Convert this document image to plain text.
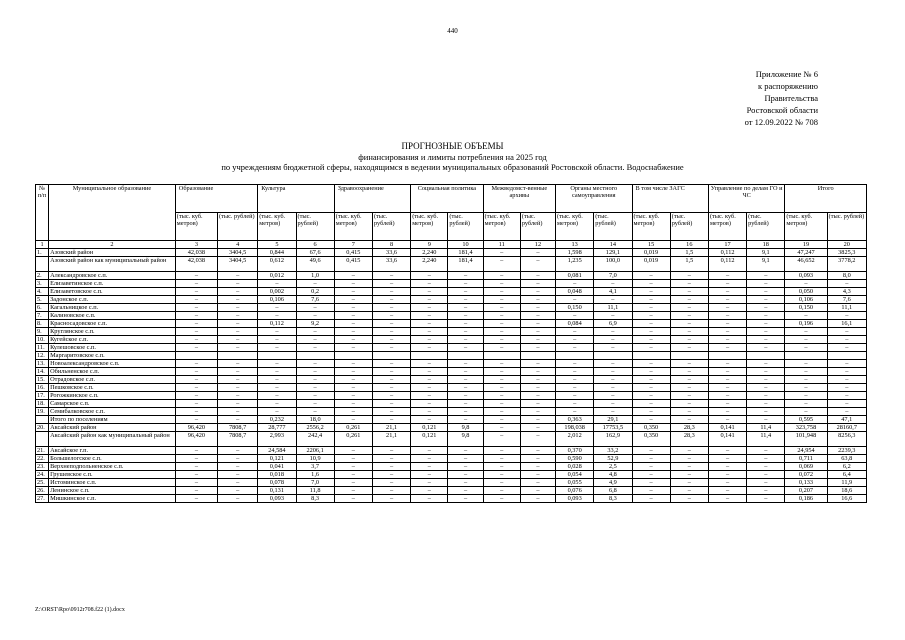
440
Приложение № 6
к распоряжению
Правительства
Ростовской области
от 12.09.2022 № 708
ПРОГНОЗНЫЕ ОБЪЕМЫ
финансирования и лимиты потребления на 2025 год
по учреждениям бюджетной сферы, находящимся в ведении муниципальных образований Ростовской области. Водоснабжение
№ п/п	Муниципальное образование	Образование		Культура		Здравоохранение		Социальная политика		Межведомст-венные архивы		Органы местного самоуправления		В том числе ЗАГС		Управление по делам ГО и ЧС		Итого	
		(тыс. куб. метров)	(тыс. рублей)	(тыс. куб. метров)	(тыс. рублей)	(тыс. куб. метров)	(тыс. рублей)	(тыс. куб. метров)	(тыс. рублей)	(тыс. куб. метров)	(тыс. рублей)	(тыс. куб. метров)	(тыс. рублей)	(тыс. куб. метров)	(тыс. рублей)	(тыс. куб. метров)	(тыс. рублей)	(тыс. куб. метров)	(тыс. рублей)
1	2	3	4	5	6	7	8	9	10	11	12	13	14	15	16	17	18	19	20
1.	Азовский район	42,038	3404,5	0,844	67,6	0,415	33,6	2,240	181,4	–	–	1,598	129,1	0,019	1,5	0,112	9,1	47,247	3825,3
	Азовский район как муниципальный район	42,038	3404,5	0,612	49,6	0,415	33,6	2,240	181,4	–	–	1,235	100,0	0,019	1,5	0,112	9,1	46,652	3778,2
2.	Александровское с.п.	–	–	0,012	1,0	–	–	–	–	–	–	0,081	7,0	–	–	–	–	0,093	8,0
3.	Елизаветинское с.п.	–	–	–	–	–	–	–	–	–	–	–	–	–	–	–	–	–	–
4.	Елизаветовское с.п.	–	–	0,002	0,2	–	–	–	–	–	–	0,048	4,1	–	–	–	–	0,050	4,3
5.	Задонское с.п.	–	–	0,106	7,6	–	–	–	–	–	–	–	–	–	–	–	–	0,106	7,6
6.	Кагальницкое с.п.	–	–	–	–	–	–	–	–	–	–	0,150	11,1	–	–	–	–	0,150	11,1
7.	Калиновское с.п.	–	–	–	–	–	–	–	–	–	–	–	–	–	–	–	–	–	–
8.	Красносадовское с.п.	–	–	0,112	9,2	–	–	–	–	–	–	0,084	6,9	–	–	–	–	0,196	16,1
9.	Круглянское с.п.	–	–	–	–	–	–	–	–	–	–	–	–	–	–	–	–	–	–
10.	Кугейское с.п.	–	–	–	–	–	–	–	–	–	–	–	–	–	–	–	–	–	–
11.	Кулешовское с.п.	–	–	–	–	–	–	–	–	–	–	–	–	–	–	–	–	–	–
12.	Маргаритовское с.п.																		
13.	Новоалександровское с.п.	–	–	–	–	–	–	–	–	–	–	–	–	–	–	–	–	–	–
14.	Обильненское с.п.	–	–	–	–	–	–	–	–	–	–	–	–	–	–	–	–	–	–
15.	Отрадовское с.п.	–	–	–	–	–	–	–	–	–	–	–	–	–	–	–	–	–	–
16.	Пешковское с.п.	–	–	–	–	–	–	–	–	–	–	–	–	–	–	–	–	–	–
17.	Рогожкинское с.п.	–	–	–	–	–	–	–	–	–	–	–	–	–	–	–	–	–	–
18.	Самарское с.п.	–	–	–	–	–	–	–	–	–	–	–	–	–	–	–	–	–	–
19.	Семибалковское с.п.	–	–	–	–	–	–	–	–	–	–	–	–	–	–	–	–	–	–
	Итого по поселениям	–	–	0,232	18,0	–	–	–	–	–	–	0,363	29,1	–	–	–	–	0,595	47,1
20.	Аксайский район	96,420	7808,7	28,777	2556,2	0,261	21,1	0,121	9,8	–	–	198,038	17753,5	0,350	28,3	0,141	11,4	323,758	28160,7
	Аксайский район как муниципальный район	96,420	7808,7	2,993	242,4	0,261	21,1	0,121	9,8	–	–	2,012	162,9	0,350	28,3	0,141	11,4	101,948	8256,3
21.	Аксайское г.п.	–	–	24,584	2206,1	–	–	–	–	–	–	0,370	33,2	–	–	–	–	24,954	2239,3
22.	Большелогское с.п.	–	–	0,121	10,9	–	–	–	–	–	–	0,590	52,9	–	–	–	–	0,711	63,8
23.	Верхнеподпольненское с.п.	–	–	0,041	3,7	–	–	–	–	–	–	0,028	2,5	–	–	–	–	0,069	6,2
24.	Грушевское с.п.	–	–	0,018	1,6	–	–	–	–	–	–	0,054	4,8	–	–	–	–	0,072	6,4
25.	Истоминское с.п.	–	–	0,078	7,0	–	–	–	–	–	–	0,055	4,9	–	–	–	–	0,133	11,9
26.	Ленинское с.п.	–	–	0,131	11,8	–	–	–	–	–	–	0,076	6,8	–	–	–	–	0,207	18,6
27.	Мишкинское с.п.	–	–	0,093	8,3	–	–	–	–	–	–	0,093	8,3	–	–	–	–	0,186	16,6
Z:\ORST\Rpo\0912r708.f22 (1).docx
